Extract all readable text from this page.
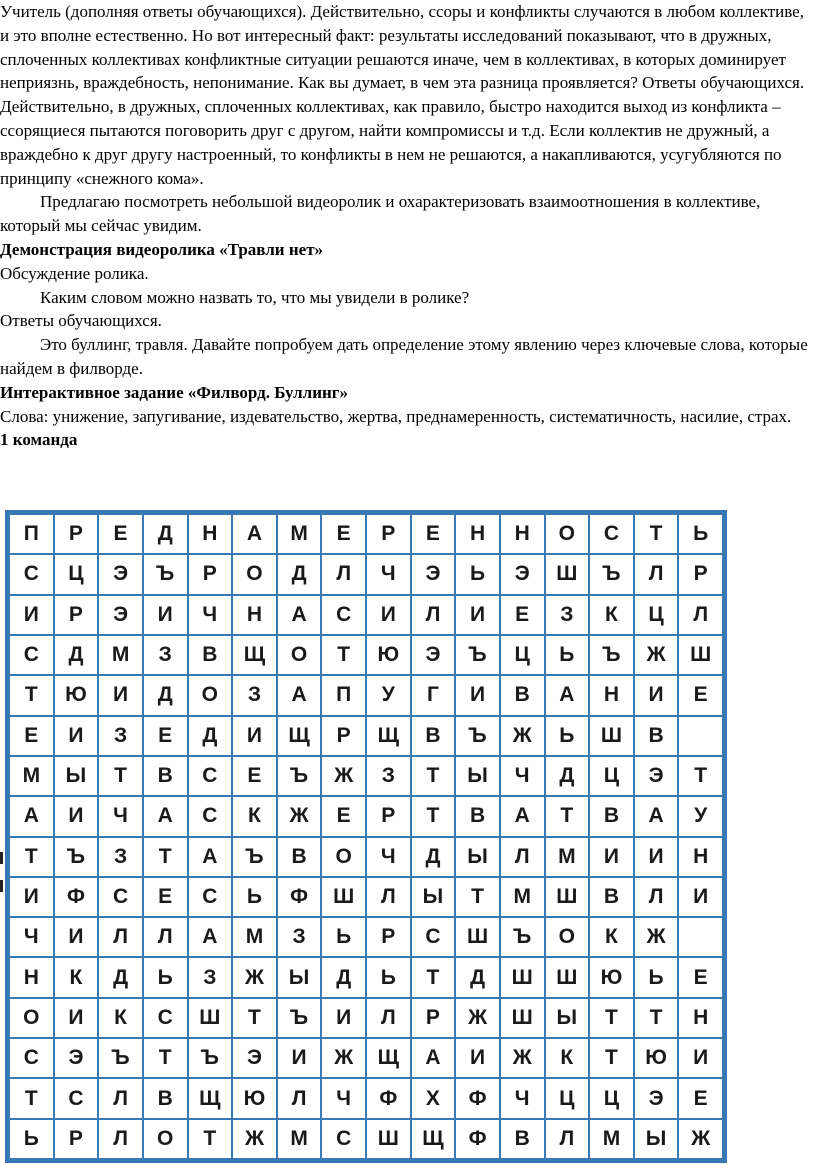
Учитель (дополняя ответы обучающихся). Действительно, ссоры и конфликты случаются в любом коллективе, и это вполне естественно. Но вот интересный факт: результаты исследований показывают, что в дружных, сплоченных коллективах конфликтные ситуации решаются иначе, чем в коллективах, в которых доминирует неприязнь, враждебность, непонимание. Как вы думает, в чем эта разница проявляется? Ответы обучающихся.

Действительно, в дружных, сплоченных коллективах, как правило, быстро находится выход из конфликта – ссорящиеся пытаются поговорить друг с другом, найти компромиссы и т.д. Если коллектив не дружный, а враждебно к друг другу настроенный, то конфликты в нем не решаются, а накапливаются, усугубляются по принципу «снежного кома».

Предлагаю посмотреть небольшой видеоролик и охарактеризовать взаимоотношения в коллективе, который мы сейчас увидим.

Демонстрация видеоролика «Травли нет»

Обсуждение ролика.

Каким словом можно назвать то, что мы увидели в ролике?

Ответы обучающихся.

Это буллинг, травля. Давайте попробуем дать определение этому явлению через ключевые слова, которые найдем в филворде.

Интерактивное задание «Филворд. Буллинг»

Слова: унижение, запугивание, издевательство, жертва, преднамеренность, систематичность, насилие, страх.

1 команда

П	Р	Е	Д	Н	А	М	Е	Р	Е	Н	Н	О	С	Т	Ь
С	Ц	Э	Ъ	Р	О	Д	Л	Ч	Э	Ь	Э	Ш	Ъ	Л	Р
И	Р	Э	И	Ч	Н	А	С	И	Л	И	Е	З	К	Ц	Л
С	Д	М	З	В	Щ	О	Т	Ю	Э	Ъ	Ц	Ь	Ъ	Ж	Ш
Т	Ю	И	Д	О	З	А	П	У	Г	И	В	А	Н	И	Е
Е	И	З	Е	Д	И	Щ	Р	Щ	В	Ъ	Ж	Ь	Ш	В	
М	Ы	Т	В	С	Е	Ъ	Ж	З	Т	Ы	Ч	Д	Ц	Э	Т
А	И	Ч	А	С	К	Ж	Е	Р	Т	В	А	Т	В	А	У
Т	Ъ	З	Т	А	Ъ	В	О	Ч	Д	Ы	Л	М	И	И	Н
И	Ф	С	Е	С	Ь	Ф	Ш	Л	Ы	Т	М	Ш	В	Л	И
Ч	И	Л	Л	А	М	З	Ь	Р	С	Ш	Ъ	О	К	Ж	
Н	К	Д	Ь	З	Ж	Ы	Д	Ь	Т	Д	Ш	Ш	Ю	Ь	Е
О	И	К	С	Ш	Т	Ъ	И	Л	Р	Ж	Ш	Ы	Т	Т	Н
С	Э	Ъ	Т	Ъ	Э	И	Ж	Щ	А	И	Ж	К	Т	Ю	И
Т	С	Л	В	Щ	Ю	Л	Ч	Ф	Х	Ф	Ч	Ц	Ц	Э	Е
Ь	Р	Л	О	Т	Ж	М	С	Ш	Щ	Ф	В	Л	М	Ы	Ж
